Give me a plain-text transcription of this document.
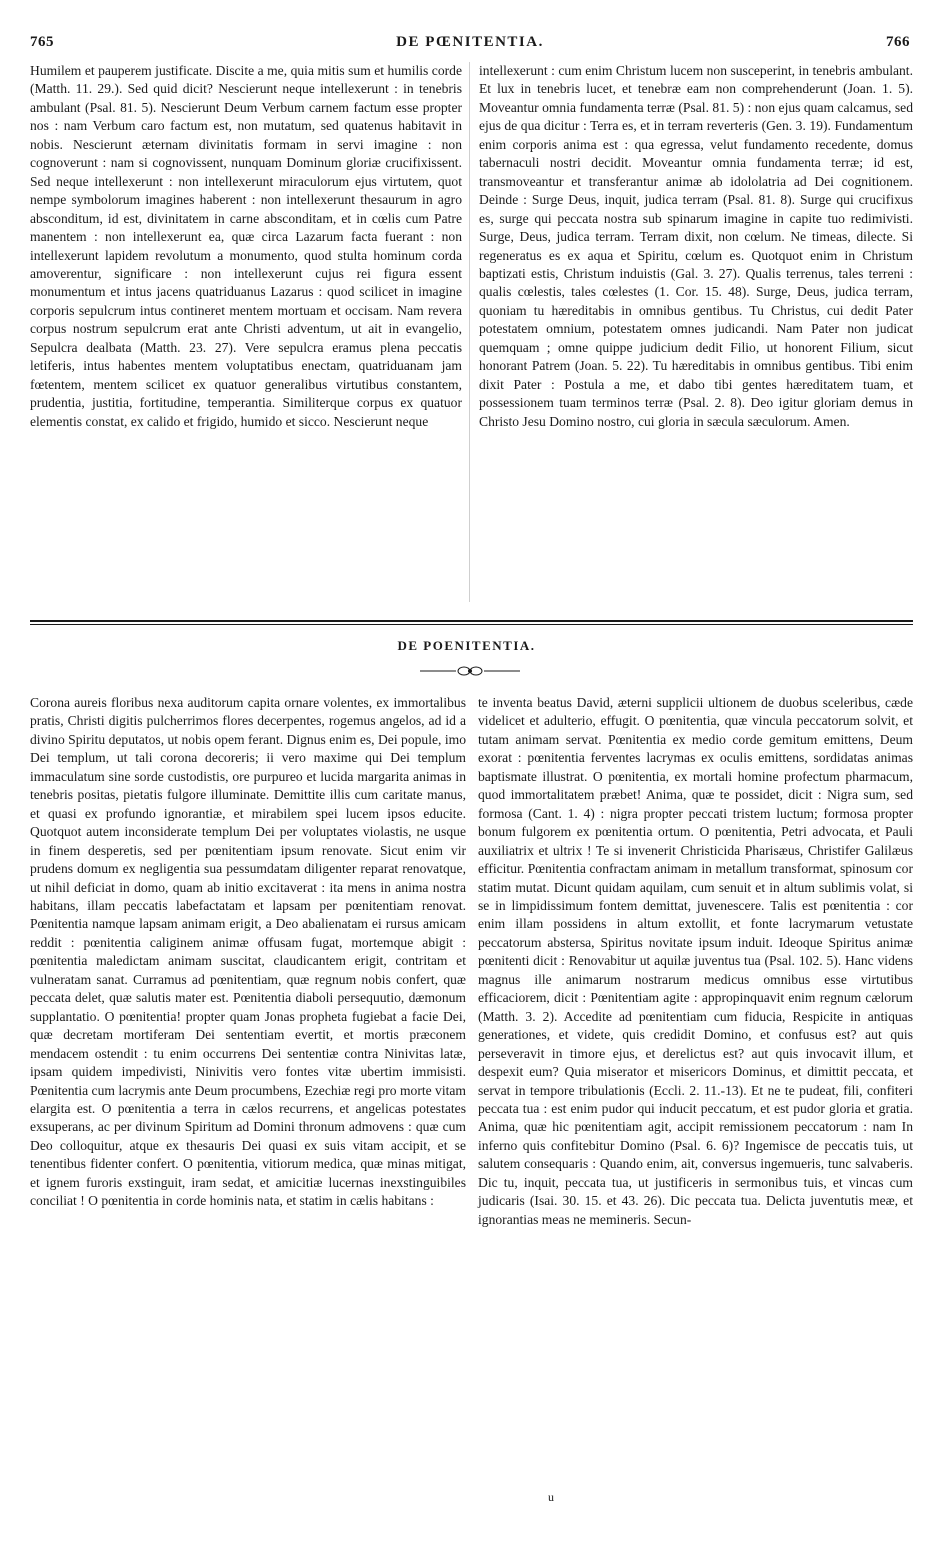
765	DE PŒNITENTIA.	766

Humilem et pauperem justificate. Discite a me, quia mitis sum et humilis corde (Matth. 11. 29.). Sed quid dicit? Nescierunt neque intellexerunt : in tenebris ambulant (Psal. 81. 5). Nescierunt Deum Verbum carnem factum esse propter nos : nam Verbum caro factum est, non mutatum, sed quatenus habitavit in nobis. Nescierunt æternam divinitatis formam in servi imagine : non cognoverunt : nam si cognovissent, nunquam Dominum gloriæ crucifixissent. Sed neque intellexerunt : non intellexerunt miraculorum ejus virtutem, quot nempe symbolorum imagines haberent : non intellexerunt thesaurum in agro absconditum, id est, divinitatem in carne absconditam, et in cœlis cum Patre manentem : non intellexerunt ea, quæ circa Lazarum facta fuerant : non intellexerunt lapidem revolutum a monumento, quod stulta hominum corda amoverentur, significare : non intellexerunt cujus rei figura essent monumentum et intus jacens quatriduanus Lazarus : quod scilicet in imagine corporis sepulcrum intus contineret mentem mortuam et occisam. Nam revera corpus nostrum sepulcrum erat ante Christi adventum, ut ait in evangelio, Sepulcra dealbata (Matth. 23. 27). Vere sepulcra eramus plena peccatis letiferis, intus habentes mentem voluptatibus enectam, quatriduanam jam fœtentem, mentem scilicet ex quatuor generalibus virtutibus constantem, prudentia, justitia, fortitudine, temperantia. Similiterque corpus ex quatuor elementis constat, ex calido et frigido, humido et sicco. Nescierunt neque

intellexerunt : cum enim Christum lucem non susceperint, in tenebris ambulant. Et lux in tenebris lucet, et tenebræ eam non comprehenderunt (Joan. 1. 5). Moveantur omnia fundamenta terræ (Psal. 81. 5) : non ejus quam calcamus, sed ejus de qua dicitur : Terra es, et in terram reverteris (Gen. 3. 19). Fundamentum enim corporis anima est : qua egressa, velut fundamento recedente, domus tabernaculi nostri decidit. Moveantur omnia fundamenta terræ; id est, transmoveantur et transferantur animæ ab idololatria ad Dei cognitionem. Deinde : Surge Deus, inquit, judica terram (Psal. 81. 8). Surge qui crucifixus es, surge qui peccata nostra sub spinarum imagine in capite tuo redimivisti. Surge, Deus, judica terram. Terram dixit, non cœlum. Ne timeas, dilecte. Si regeneratus es ex aqua et Spiritu, cœlum es. Quotquot enim in Christum baptizati estis, Christum induistis (Gal. 3. 27). Qualis terrenus, tales terreni : qualis cœlestis, tales cœlestes (1. Cor. 15. 48). Surge, Deus, judica terram, quoniam tu hæreditabis in omnibus gentibus. Tu Christus, cui dedit Pater potestatem omnium, potestatem omnes judicandi. Nam Pater non judicat quemquam ; omne quippe judicium dedit Filio, ut honorent Filium, sicut honorant Patrem (Joan. 5. 22). Tu hæreditabis in omnibus gentibus. Tibi enim dixit Pater : Postula a me, et dabo tibi gentes hæreditatem tuam, et possessionem tuam terminos terræ (Psal. 2. 8). Deo igitur gloriam demus in Christo Jesu Domino nostro, cui gloria in sæcula sæculorum. Amen.

DE POENITENTIA.

Corona aureis floribus nexa auditorum capita ornare volentes, ex immortalibus pratis, Christi digitis pulcherrimos flores decerpentes, rogemus angelos, ad id a divino Spiritu deputatos, ut nobis opem ferant. Dignus enim es, Dei popule, imo Dei templum, ut tali corona decoreris; ii vero maxime qui Dei templum immaculatum sine sorde custodistis, ore purpureo et lucida margarita animas in tenebris positas, pietatis fulgore illuminate. Demittite illis cum caritate manus, et quasi ex profundo ignorantiæ, et mirabilem spei lucem ipsos educite. Quotquot autem inconsiderate templum Dei per voluptates violastis, ne usque in finem desperetis, sed per pœnitentiam ipsum renovate. Sicut enim vir prudens domum ex negligentia sua pessumdatam diligenter reparat renovatque, ut nihil deficiat in domo, quam ab initio excitaverat : ita mens in anima nostra habitans, illam peccatis labefactatam et lapsam per pœnitentiam renovat. Pœnitentia namque lapsam animam erigit, a Deo abalienatam ei rursus amicam reddit : pœnitentia caliginem animæ offusam fugat, mortemque abigit : pœnitentia maledictam animam suscitat, claudicantem erigit, contritam et vulneratam sanat. Curramus ad pœnitentiam, quæ regnum nobis confert, quæ peccata delet, quæ salutis mater est. Pœnitentia diaboli persequutio, dæmonum supplantatio. O pœnitentia! propter quam Jonas propheta fugiebat a facie Dei, quæ decretam mortiferam Dei sententiam evertit, et mortis præconem mendacem ostendit : tu enim occurrens Dei sententiæ contra Ninivitas latæ, ipsam quidem impedivisti, Ninivitis vero fontes vitæ ubertim immisisti. Pœnitentia cum lacrymis ante Deum procumbens, Ezechiæ regi pro morte vitam elargita est. O pœnitentia a terra in cælos recurrens, et angelicas potestates exsuperans, ac per divinum Spiritum ad Domini thronum admovens : quæ cum Deo colloquitur, atque ex thesauris Dei quasi ex suis vitam accipit, et se tenentibus fidenter confert. O pœnitentia, vitiorum medica, quæ minas mitigat, et ignem furoris exstinguit, iram sedat, et amicitiæ lucernas inexstinguibiles conciliat ! O pœnitentia in corde hominis nata, et statim in cælis habitans :

te inventa beatus David, æterni supplicii ultionem de duobus sceleribus, cæde videlicet et adulterio, effugit. O pœnitentia, quæ vincula peccatorum solvit, et tutam animam servat. Pœnitentia ex medio corde gemitum emittens, Deum exorat : pœnitentia ferventes lacrymas ex oculis emittens, sordidatas animas baptismate illustrat. O pœnitentia, ex mortali homine profectum pharmacum, quod immortalitatem præbet! Anima, quæ te possidet, dicit : Nigra sum, sed formosa (Cant. 1. 4) : nigra propter peccati tristem luctum; formosa propter bonum fulgorem ex pœnitentia ortum. O pœnitentia, Petri advocata, et Pauli auxiliatrix et ultrix ! Te si invenerit Christicida Pharisæus, Christifer Galilæus efficitur. Pœnitentia confractam animam in metallum transformat, spinosum cor statim mutat. Dicunt quidam aquilam, cum senuit et in altum sublimis volat, si se in limpidissimum fontem demittat, juvenescere. Talis est pœnitentia : cor enim illam possidens in altum extollit, et fonte lacrymarum vetustate peccatorum abstersa, Spiritus novitate ipsum induit. Ideoque Spiritus animæ pœnitenti dicit : Renovabitur ut aquilæ juventus tua (Psal. 102. 5). Hanc videns magnus ille animarum nostrarum medicus omnibus esse virtutibus efficaciorem, dicit : Pœnitentiam agite : appropinquavit enim regnum cælorum (Matth. 3. 2). Accedite ad pœnitentiam cum fiducia, Respicite in antiquas generationes, et videte, quis credidit Domino, et confusus est? aut quis perseveravit in timore ejus, et derelictus est? aut quis invocavit illum, et despexit eum? Quia miserator et misericors Dominus, et dimittit peccata, et servat in tempore tribulationis (Eccli. 2. 11.-13). Et ne te pudeat, fili, confiteri peccata tua : est enim pudor qui inducit peccatum, et est pudor gloria et gratia. Anima, quæ hic pœnitentiam agit, accipit remissionem peccatorum : nam In inferno quis confitebitur Domino (Psal. 6. 6)? Ingemisce de peccatis tuis, ut salutem consequaris : Quando enim, ait, conversus ingemueris, tunc salvaberis. Dic tu, inquit, peccata tua, ut justificeris in sermonibus tuis, et vincas cum judicaris (Isai. 30. 15. et 43. 26). Dic peccata tua. Delicta juventutis meæ, et ignorantias meas ne memineris. Secun-

u
